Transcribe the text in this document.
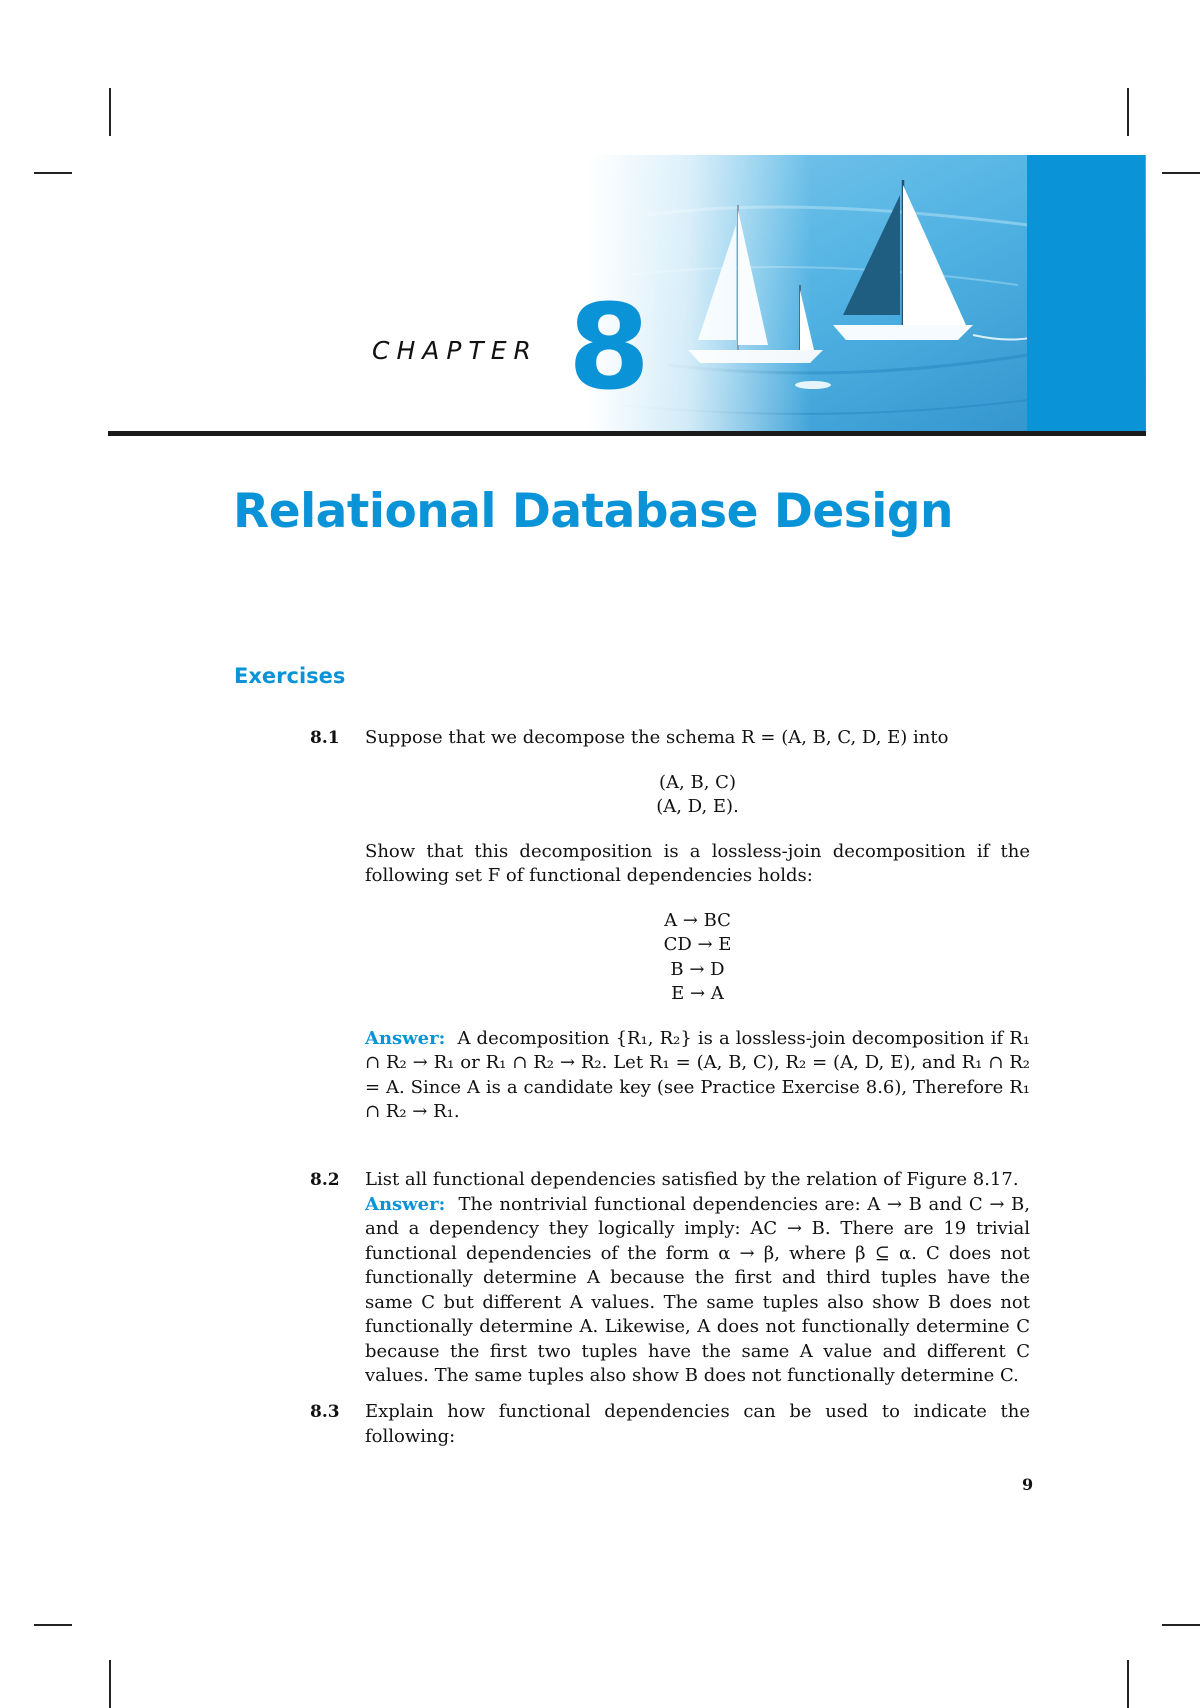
CHAPTER 8
Relational Database Design
Exercises
8.1 Suppose that we decompose the schema R = (A, B, C, D, E) into

(A, B, C)

(A, D, E).

Show that this decomposition is a lossless-join decomposition if the following set F of functional dependencies holds:

A → BC

CD → E

B → D

E → A

Answer: A decomposition {R₁, R₂} is a lossless-join decomposition if R₁ ∩ R₂ → R₁ or R₁ ∩ R₂ → R₂. Let R₁ = (A, B, C), R₂ = (A, D, E), and R₁ ∩ R₂ = A. Since A is a candidate key (see Practice Exercise 8.6), Therefore R₁ ∩ R₂ → R₁.

8.2 List all functional dependencies satisfied by the relation of Figure 8.17.

Answer: The nontrivial functional dependencies are: A → B and C → B, and a dependency they logically imply: AC → B. There are 19 trivial functional dependencies of the form α → β, where β ⊆ α. C does not functionally determine A because the first and third tuples have the same C but different A values. The same tuples also show B does not functionally determine A. Likewise, A does not functionally determine C because the first two tuples have the same A value and different C values. The same tuples also show B does not functionally determine C.

8.3 Explain how functional dependencies can be used to indicate the following:

9
